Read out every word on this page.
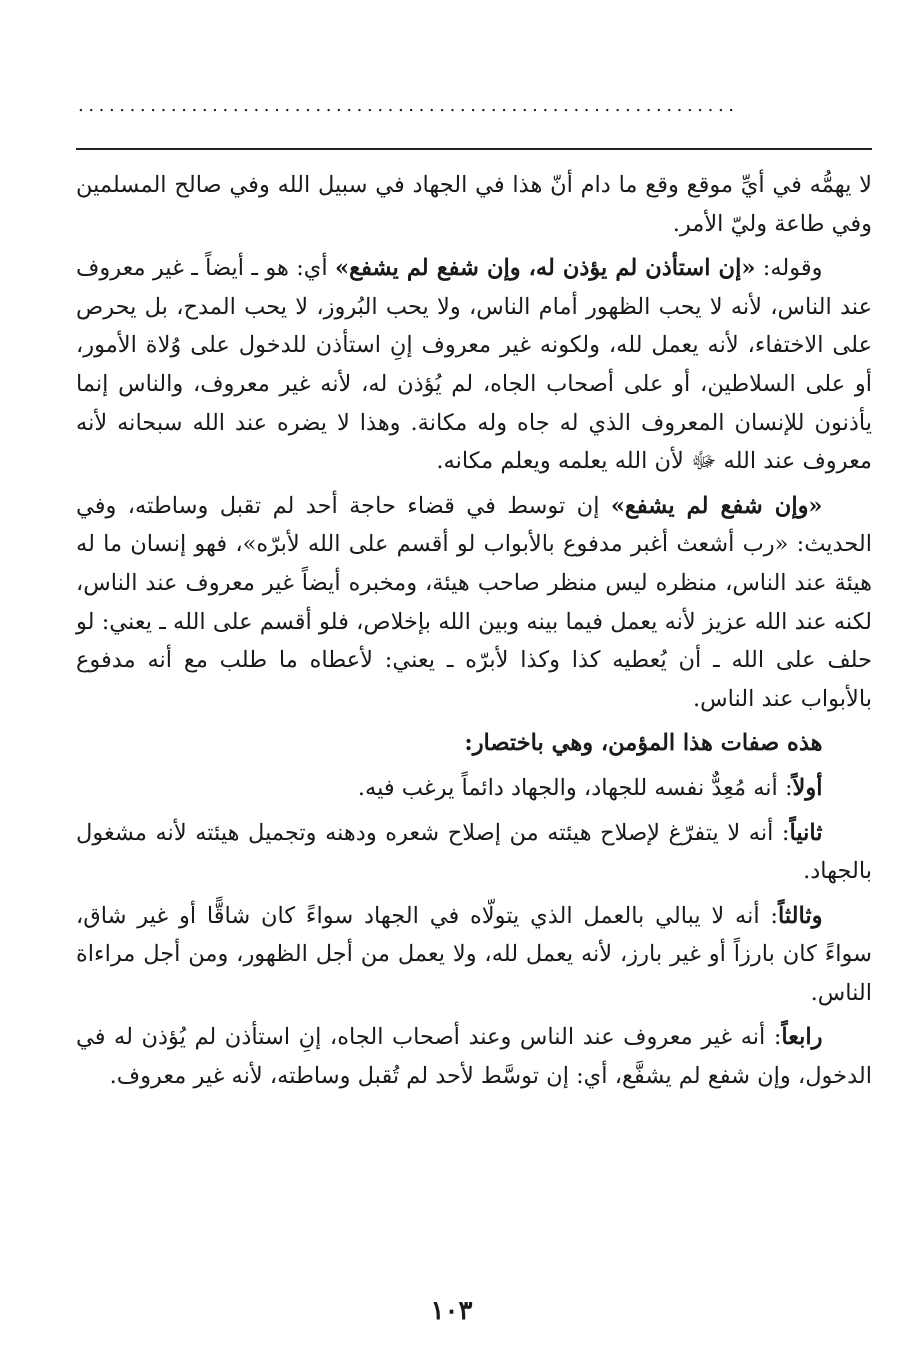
................................................................

لا يهمُّه في أيِّ موقع وقع ما دام أنّ هذا في الجهاد في سبيل الله وفي صالح المسلمين وفي طاعة وليّ الأمر.

وقوله: «إن استأذن لم يؤذن له، وإن شفع لم يشفع» أي: هو ـ أيضاً ـ غير معروف عند الناس، لأنه لا يحب الظهور أمام الناس، ولا يحب البُروز، لا يحب المدح، بل يحرص على الاختفاء، لأنه يعمل لله، ولكونه غير معروف إنِ استأذن للدخول على وُلاة الأمور، أو على السلاطين، أو على أصحاب الجاه، لم يُؤذن له، لأنه غير معروف، والناس إنما يأذنون للإنسان المعروف الذي له جاه وله مكانة. وهذا لا يضره عند الله سبحانه لأنه معروف عند الله ﷻ لأن الله يعلمه ويعلم مكانه.

«وإن شفع لم يشفع» إن توسط في قضاء حاجة أحد لم تقبل وساطته، وفي الحديث: «رب أشعث أغبر مدفوع بالأبواب لو أقسم على الله لأبرّه»، فهو إنسان ما له هيئة عند الناس، منظره ليس منظر صاحب هيئة، ومخبره أيضاً غير معروف عند الناس، لكنه عند الله عزيز لأنه يعمل فيما بينه وبين الله بإخلاص، فلو أقسم على الله ـ يعني: لو حلف على الله ـ أن يُعطيه كذا وكذا لأبرّه ـ يعني: لأعطاه ما طلب مع أنه مدفوع بالأبواب عند الناس.

هذه صفات هذا المؤمن، وهي باختصار:

أولاً: أنه مُعِدٌّ نفسه للجهاد، والجهاد دائماً يرغب فيه.

ثانياً: أنه لا يتفرّغ لإصلاح هيئته من إصلاح شعره ودهنه وتجميل هيئته لأنه مشغول بالجهاد.

وثالثاً: أنه لا يبالي بالعمل الذي يتولّاه في الجهاد سواءً كان شاقًّا أو غير شاق، سواءً كان بارزاً أو غير بارز، لأنه يعمل لله، ولا يعمل من أجل الظهور، ومن أجل مراءاة الناس.

رابعاً: أنه غير معروف عند الناس وعند أصحاب الجاه، إنِ استأذن لم يُؤذن له في الدخول، وإن شفع لم يشفَّع، أي: إن توسَّط لأحد لم تُقبل وساطته، لأنه غير معروف.

١٠٣
